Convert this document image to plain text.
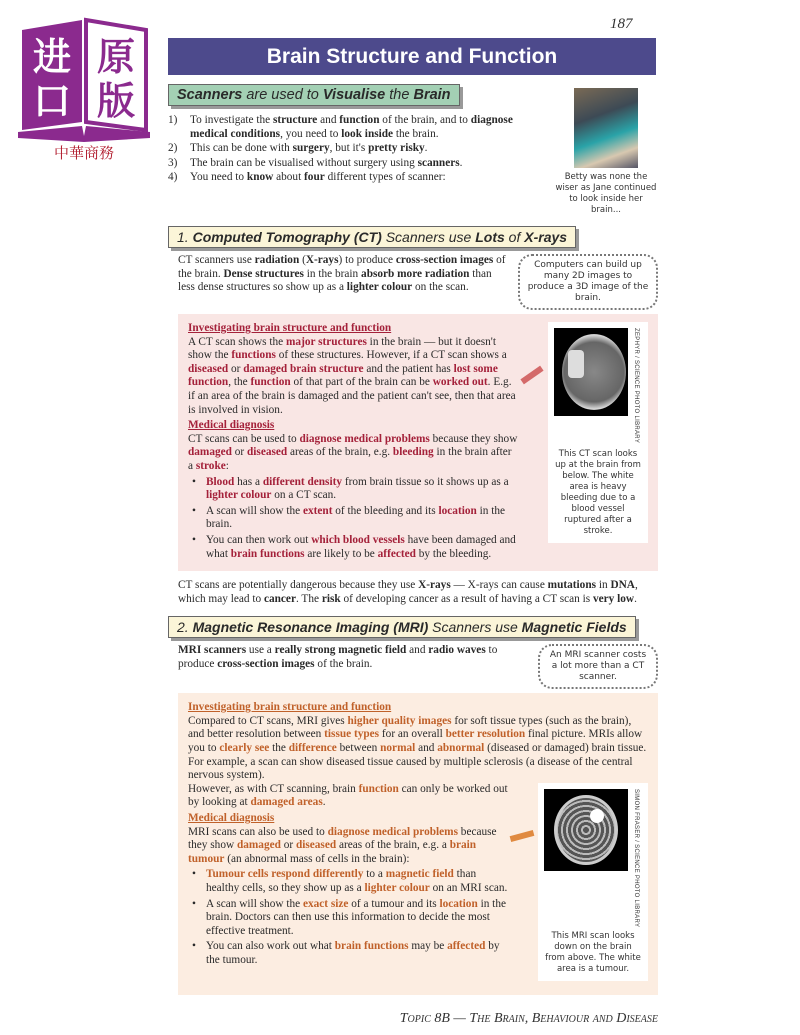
进
口
原
版
中華商務
187
Brain Structure and Function
Betty was none the wiser as Jane continued to look inside her brain...
Scanners are used to Visualise the Brain
1)	To investigate the structure and function of the brain, and to diagnose medical conditions, you need to look inside the brain.
2)	This can be done with surgery, but it's pretty risky.
3)	The brain can be visualised without surgery using scanners.
4)	You need to know about four different types of scanner:
1. Computed Tomography (CT) Scanners use Lots of X-rays
Computers can build up many 2D images to produce a 3D image of the brain.
CT scanners use radiation (X-rays) to produce cross-section images of the brain. Dense structures in the brain absorb more radiation than less dense structures so show up as a lighter colour on the scan.
ZEPHYR / SCIENCE PHOTO LIBRARY
This CT scan looks up at the brain from below. The white area is heavy bleeding due to a blood vessel ruptured after a stroke.
Investigating brain structure and function
A CT scan shows the major structures in the brain — but it doesn't show the functions of these structures. However, if a CT scan shows a diseased or damaged brain structure and the patient has lost some function, the function of that part of the brain can be worked out. E.g. if an area of the brain is damaged and the patient can't see, then that area is involved in vision.
Medical diagnosis
CT scans can be used to diagnose medical problems because they show damaged or diseased areas of the brain, e.g. bleeding in the brain after a stroke:
• Blood has a different density from brain tissue so it shows up as a lighter colour on a CT scan.
• A scan will show the extent of the bleeding and its location in the brain.
• You can then work out which blood vessels have been damaged and what brain functions are likely to be affected by the bleeding.
CT scans are potentially dangerous because they use X-rays — X-rays can cause mutations in DNA, which may lead to cancer. The risk of developing cancer as a result of having a CT scan is very low.
2. Magnetic Resonance Imaging (MRI) Scanners use Magnetic Fields
An MRI scanner costs a lot more than a CT scanner.
MRI scanners use a really strong magnetic field and radio waves to produce cross-section images of the brain.
Investigating brain structure and function
Compared to CT scans, MRI gives higher quality images for soft tissue types (such as the brain), and better resolution between tissue types for an overall better resolution final picture. MRIs allow you to clearly see the difference between normal and abnormal (diseased or damaged) brain tissue. For example, a scan can show diseased tissue caused by multiple sclerosis (a disease of the central nervous system).
SIMON FRASER / SCIENCE PHOTO LIBRARY
This MRI scan looks down on the brain from above. The white area is a tumour.
However, as with CT scanning, brain function can only be worked out by looking at damaged areas.
Medical diagnosis
MRI scans can also be used to diagnose medical problems because they show damaged or diseased areas of the brain, e.g. a brain tumour (an abnormal mass of cells in the brain):
• Tumour cells respond differently to a magnetic field than healthy cells, so they show up as a lighter colour on an MRI scan.
• A scan will show the exact size of a tumour and its location in the brain. Doctors can then use this information to decide the most effective treatment.
• You can also work out what brain functions may be affected by the tumour.
Topic 8B — The Brain, Behaviour and Disease
